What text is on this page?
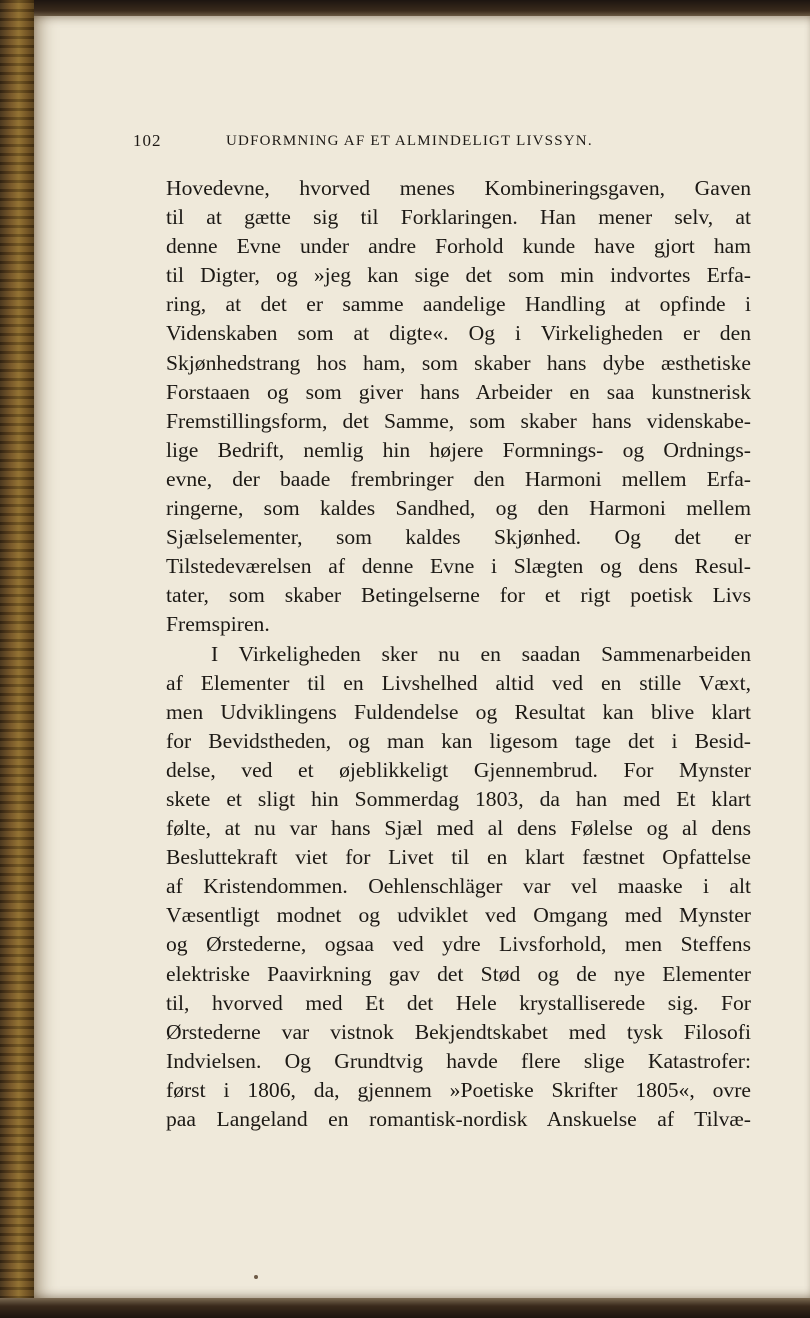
102	UDFORMNING AF ET ALMINDELIGT LIVSSYN.
Hovedevne, hvorved menes Kombineringsgaven, Gaven
til at gætte sig til Forklaringen. Han mener selv, at
denne Evne under andre Forhold kunde have gjort ham
til Digter, og »jeg kan sige det som min indvortes Erfa-
ring, at det er samme aandelige Handling at opfinde i
Videnskaben som at digte«. Og i Virkeligheden er den
Skjønhedstrang hos ham, som skaber hans dybe æsthetiske
Forstaaen og som giver hans Arbeider en saa kunstnerisk
Fremstillingsform, det Samme, som skaber hans videnskabe-
lige Bedrift, nemlig hin højere Formnings- og Ordnings-
evne, der baade frembringer den Harmoni mellem Erfa-
ringerne, som kaldes Sandhed, og den Harmoni mellem
Sjælselementer, som kaldes Skjønhed. Og det er
Tilstedeværelsen af denne Evne i Slægten og dens Resul-
tater, som skaber Betingelserne for et rigt poetisk Livs
Fremspiren.
I Virkeligheden sker nu en saadan Sammenarbeiden
af Elementer til en Livshelhed altid ved en stille Væxt,
men Udviklingens Fuldendelse og Resultat kan blive klart
for Bevidstheden, og man kan ligesom tage det i Besid-
delse, ved et øjeblikkeligt Gjennembrud. For Mynster
skete et sligt hin Sommerdag 1803, da han med Et klart
følte, at nu var hans Sjæl med al dens Følelse og al dens
Besluttekraft viet for Livet til en klart fæstnet Opfattelse
af Kristendommen. Oehlenschläger var vel maaske i alt
Væsentligt modnet og udviklet ved Omgang med Mynster
og Ørstederne, ogsaa ved ydre Livsforhold, men Steffens
elektriske Paavirkning gav det Stød og de nye Elementer
til, hvorved med Et det Hele krystalliserede sig. For
Ørstederne var vistnok Bekjendtskabet med tysk Filosofi
Indvielsen. Og Grundtvig havde flere slige Katastrofer:
først i 1806, da, gjennem »Poetiske Skrifter 1805«, ovre
paa Langeland en romantisk-nordisk Anskuelse af Tilvæ-
